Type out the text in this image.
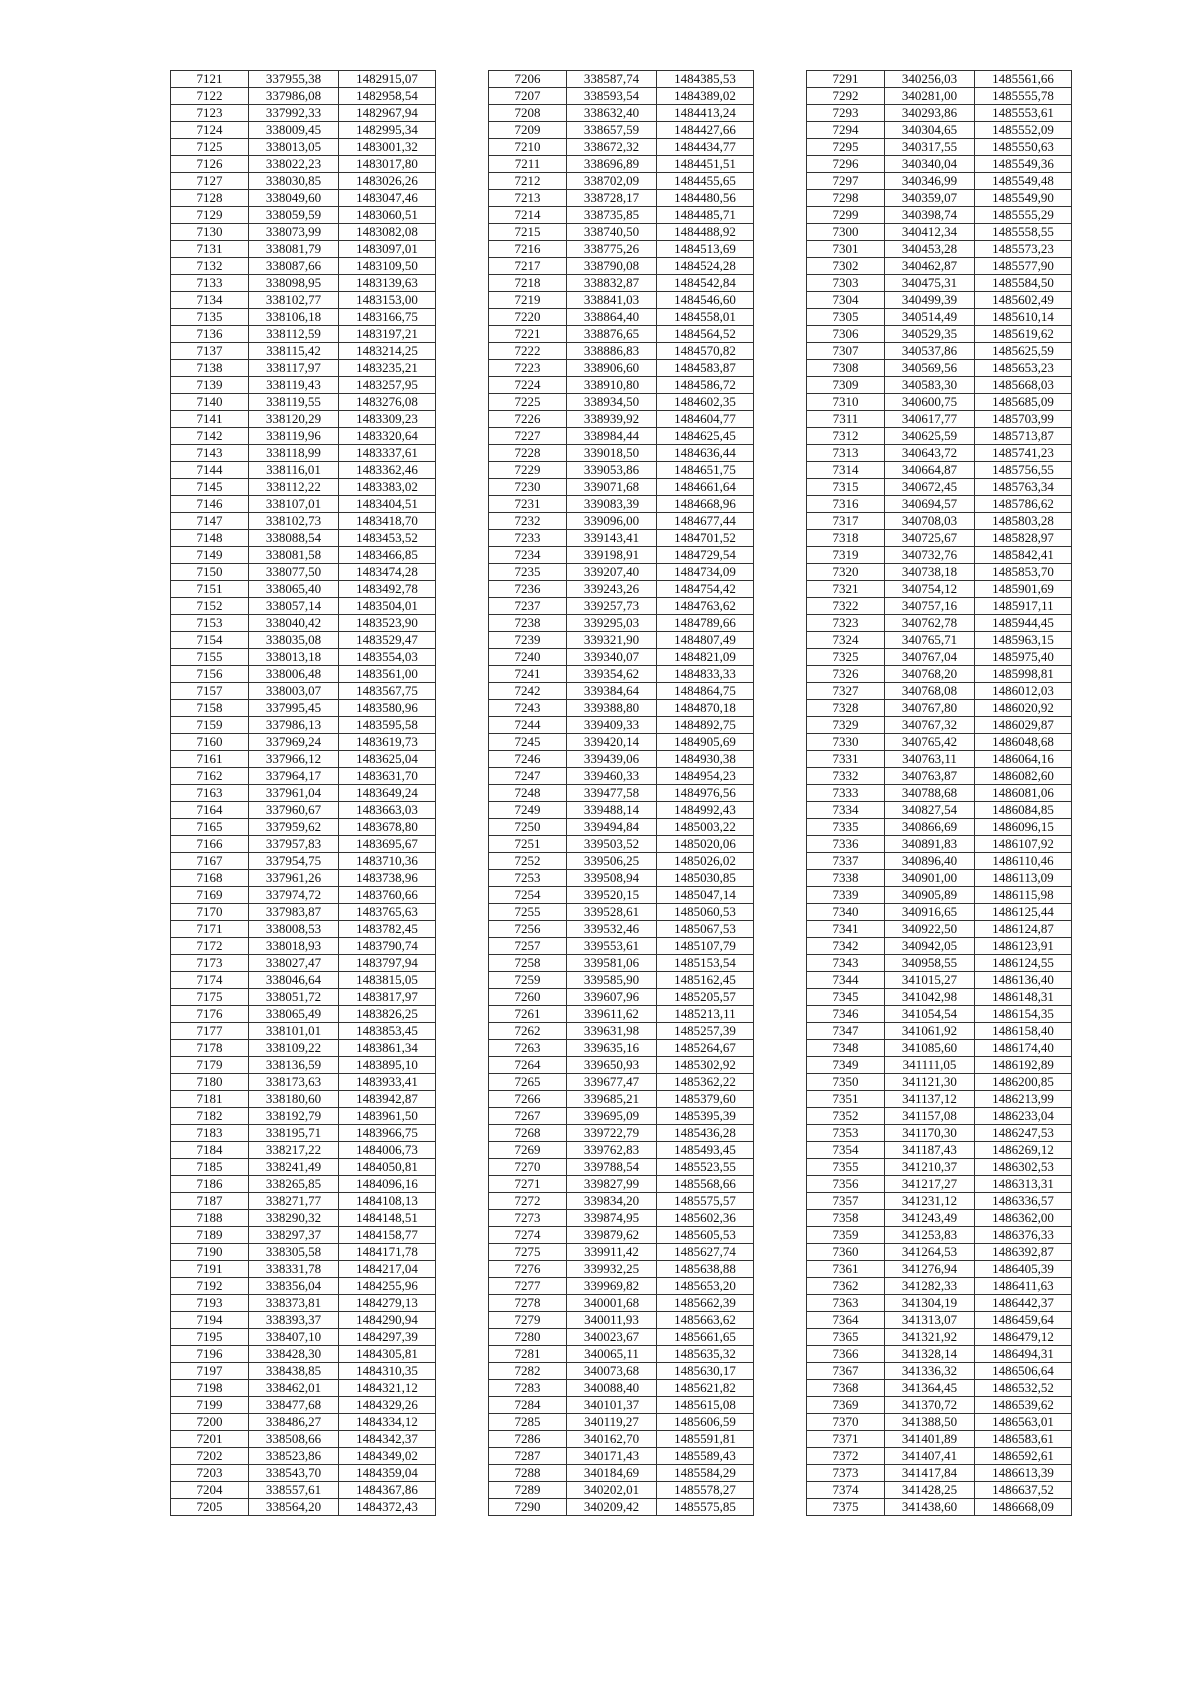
7121	337955,38	1482915,07
7122	337986,08	1482958,54
7123	337992,33	1482967,94
7124	338009,45	1482995,34
7125	338013,05	1483001,32
7126	338022,23	1483017,80
7127	338030,85	1483026,26
7128	338049,60	1483047,46
7129	338059,59	1483060,51
7130	338073,99	1483082,08
7131	338081,79	1483097,01
7132	338087,66	1483109,50
7133	338098,95	1483139,63
7134	338102,77	1483153,00
7135	338106,18	1483166,75
7136	338112,59	1483197,21
7137	338115,42	1483214,25
7138	338117,97	1483235,21
7139	338119,43	1483257,95
7140	338119,55	1483276,08
7141	338120,29	1483309,23
7142	338119,96	1483320,64
7143	338118,99	1483337,61
7144	338116,01	1483362,46
7145	338112,22	1483383,02
7146	338107,01	1483404,51
7147	338102,73	1483418,70
7148	338088,54	1483453,52
7149	338081,58	1483466,85
7150	338077,50	1483474,28
7151	338065,40	1483492,78
7152	338057,14	1483504,01
7153	338040,42	1483523,90
7154	338035,08	1483529,47
7155	338013,18	1483554,03
7156	338006,48	1483561,00
7157	338003,07	1483567,75
7158	337995,45	1483580,96
7159	337986,13	1483595,58
7160	337969,24	1483619,73
7161	337966,12	1483625,04
7162	337964,17	1483631,70
7163	337961,04	1483649,24
7164	337960,67	1483663,03
7165	337959,62	1483678,80
7166	337957,83	1483695,67
7167	337954,75	1483710,36
7168	337961,26	1483738,96
7169	337974,72	1483760,66
7170	337983,87	1483765,63
7171	338008,53	1483782,45
7172	338018,93	1483790,74
7173	338027,47	1483797,94
7174	338046,64	1483815,05
7175	338051,72	1483817,97
7176	338065,49	1483826,25
7177	338101,01	1483853,45
7178	338109,22	1483861,34
7179	338136,59	1483895,10
7180	338173,63	1483933,41
7181	338180,60	1483942,87
7182	338192,79	1483961,50
7183	338195,71	1483966,75
7184	338217,22	1484006,73
7185	338241,49	1484050,81
7186	338265,85	1484096,16
7187	338271,77	1484108,13
7188	338290,32	1484148,51
7189	338297,37	1484158,77
7190	338305,58	1484171,78
7191	338331,78	1484217,04
7192	338356,04	1484255,96
7193	338373,81	1484279,13
7194	338393,37	1484290,94
7195	338407,10	1484297,39
7196	338428,30	1484305,81
7197	338438,85	1484310,35
7198	338462,01	1484321,12
7199	338477,68	1484329,26
7200	338486,27	1484334,12
7201	338508,66	1484342,37
7202	338523,86	1484349,02
7203	338543,70	1484359,04
7204	338557,61	1484367,86
7205	338564,20	1484372,43
7206	338587,74	1484385,53
7207	338593,54	1484389,02
7208	338632,40	1484413,24
7209	338657,59	1484427,66
7210	338672,32	1484434,77
7211	338696,89	1484451,51
7212	338702,09	1484455,65
7213	338728,17	1484480,56
7214	338735,85	1484485,71
7215	338740,50	1484488,92
7216	338775,26	1484513,69
7217	338790,08	1484524,28
7218	338832,87	1484542,84
7219	338841,03	1484546,60
7220	338864,40	1484558,01
7221	338876,65	1484564,52
7222	338886,83	1484570,82
7223	338906,60	1484583,87
7224	338910,80	1484586,72
7225	338934,50	1484602,35
7226	338939,92	1484604,77
7227	338984,44	1484625,45
7228	339018,50	1484636,44
7229	339053,86	1484651,75
7230	339071,68	1484661,64
7231	339083,39	1484668,96
7232	339096,00	1484677,44
7233	339143,41	1484701,52
7234	339198,91	1484729,54
7235	339207,40	1484734,09
7236	339243,26	1484754,42
7237	339257,73	1484763,62
7238	339295,03	1484789,66
7239	339321,90	1484807,49
7240	339340,07	1484821,09
7241	339354,62	1484833,33
7242	339384,64	1484864,75
7243	339388,80	1484870,18
7244	339409,33	1484892,75
7245	339420,14	1484905,69
7246	339439,06	1484930,38
7247	339460,33	1484954,23
7248	339477,58	1484976,56
7249	339488,14	1484992,43
7250	339494,84	1485003,22
7251	339503,52	1485020,06
7252	339506,25	1485026,02
7253	339508,94	1485030,85
7254	339520,15	1485047,14
7255	339528,61	1485060,53
7256	339532,46	1485067,53
7257	339553,61	1485107,79
7258	339581,06	1485153,54
7259	339585,90	1485162,45
7260	339607,96	1485205,57
7261	339611,62	1485213,11
7262	339631,98	1485257,39
7263	339635,16	1485264,67
7264	339650,93	1485302,92
7265	339677,47	1485362,22
7266	339685,21	1485379,60
7267	339695,09	1485395,39
7268	339722,79	1485436,28
7269	339762,83	1485493,45
7270	339788,54	1485523,55
7271	339827,99	1485568,66
7272	339834,20	1485575,57
7273	339874,95	1485602,36
7274	339879,62	1485605,53
7275	339911,42	1485627,74
7276	339932,25	1485638,88
7277	339969,82	1485653,20
7278	340001,68	1485662,39
7279	340011,93	1485663,62
7280	340023,67	1485661,65
7281	340065,11	1485635,32
7282	340073,68	1485630,17
7283	340088,40	1485621,82
7284	340101,37	1485615,08
7285	340119,27	1485606,59
7286	340162,70	1485591,81
7287	340171,43	1485589,43
7288	340184,69	1485584,29
7289	340202,01	1485578,27
7290	340209,42	1485575,85
7291	340256,03	1485561,66
7292	340281,00	1485555,78
7293	340293,86	1485553,61
7294	340304,65	1485552,09
7295	340317,55	1485550,63
7296	340340,04	1485549,36
7297	340346,99	1485549,48
7298	340359,07	1485549,90
7299	340398,74	1485555,29
7300	340412,34	1485558,55
7301	340453,28	1485573,23
7302	340462,87	1485577,90
7303	340475,31	1485584,50
7304	340499,39	1485602,49
7305	340514,49	1485610,14
7306	340529,35	1485619,62
7307	340537,86	1485625,59
7308	340569,56	1485653,23
7309	340583,30	1485668,03
7310	340600,75	1485685,09
7311	340617,77	1485703,99
7312	340625,59	1485713,87
7313	340643,72	1485741,23
7314	340664,87	1485756,55
7315	340672,45	1485763,34
7316	340694,57	1485786,62
7317	340708,03	1485803,28
7318	340725,67	1485828,97
7319	340732,76	1485842,41
7320	340738,18	1485853,70
7321	340754,12	1485901,69
7322	340757,16	1485917,11
7323	340762,78	1485944,45
7324	340765,71	1485963,15
7325	340767,04	1485975,40
7326	340768,20	1485998,81
7327	340768,08	1486012,03
7328	340767,80	1486020,92
7329	340767,32	1486029,87
7330	340765,42	1486048,68
7331	340763,11	1486064,16
7332	340763,87	1486082,60
7333	340788,68	1486081,06
7334	340827,54	1486084,85
7335	340866,69	1486096,15
7336	340891,83	1486107,92
7337	340896,40	1486110,46
7338	340901,00	1486113,09
7339	340905,89	1486115,98
7340	340916,65	1486125,44
7341	340922,50	1486124,87
7342	340942,05	1486123,91
7343	340958,55	1486124,55
7344	341015,27	1486136,40
7345	341042,98	1486148,31
7346	341054,54	1486154,35
7347	341061,92	1486158,40
7348	341085,60	1486174,40
7349	341111,05	1486192,89
7350	341121,30	1486200,85
7351	341137,12	1486213,99
7352	341157,08	1486233,04
7353	341170,30	1486247,53
7354	341187,43	1486269,12
7355	341210,37	1486302,53
7356	341217,27	1486313,31
7357	341231,12	1486336,57
7358	341243,49	1486362,00
7359	341253,83	1486376,33
7360	341264,53	1486392,87
7361	341276,94	1486405,39
7362	341282,33	1486411,63
7363	341304,19	1486442,37
7364	341313,07	1486459,64
7365	341321,92	1486479,12
7366	341328,14	1486494,31
7367	341336,32	1486506,64
7368	341364,45	1486532,52
7369	341370,72	1486539,62
7370	341388,50	1486563,01
7371	341401,89	1486583,61
7372	341407,41	1486592,61
7373	341417,84	1486613,39
7374	341428,25	1486637,52
7375	341438,60	1486668,09
